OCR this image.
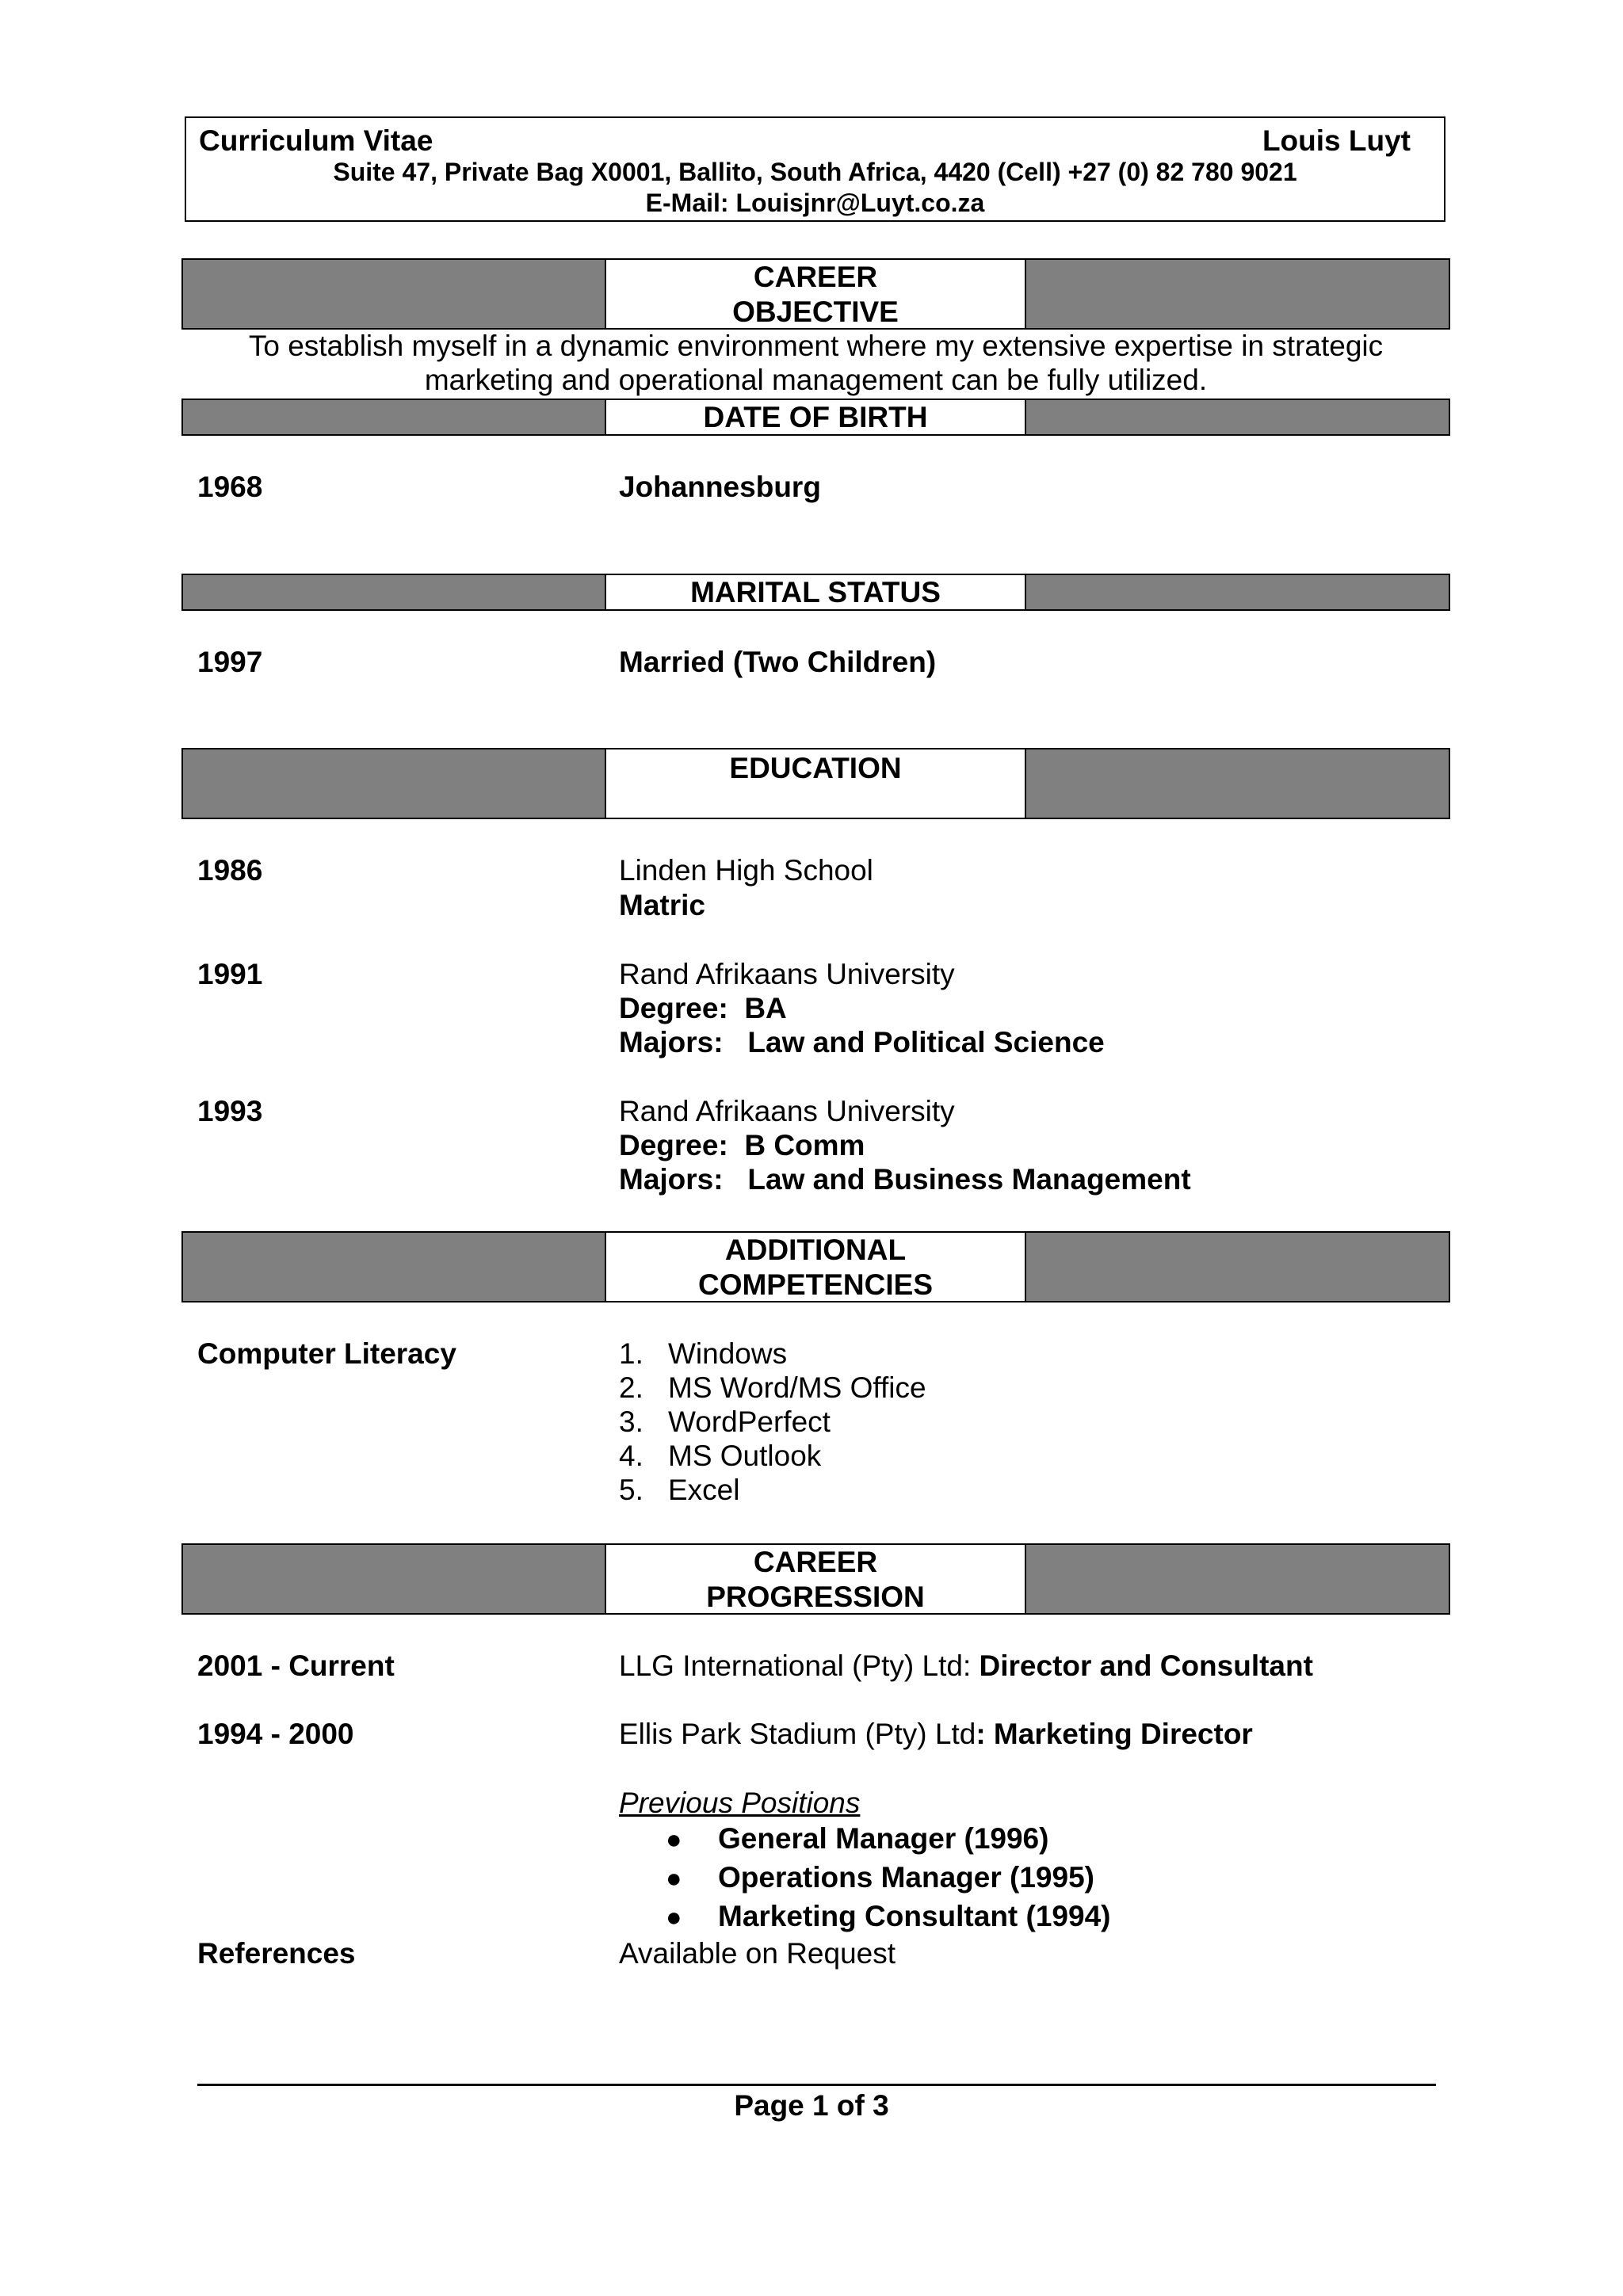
Curriculum Vitae	Louis Luyt
Suite 47, Private Bag X0001, Ballito, South Africa, 4420 (Cell) +27 (0) 82 780 9021
E-Mail: Louisjnr@Luyt.co.za
CAREER
OBJECTIVE
To establish myself in a dynamic environment where my extensive expertise in strategic marketing and operational management can be fully utilized.
DATE OF BIRTH
1968	Johannesburg
MARITAL STATUS
1997	Married (Two Children)
EDUCATION
1986	Linden High School
Matric
1991	Rand Afrikaans University
Degree:  BA
Majors:   Law and Political Science
1993	Rand Afrikaans University
Degree:  B Comm
Majors:   Law and Business Management
ADDITIONAL
COMPETENCIES
Computer Literacy	1. Windows
2. MS Word/MS Office
3. WordPerfect
4. MS Outlook
5. Excel
CAREER
PROGRESSION
2001 - Current	LLG International (Pty) Ltd: Director and Consultant
1994 - 2000	Ellis Park Stadium (Pty) Ltd: Marketing Director
Previous Positions
● General Manager (1996)
● Operations Manager (1995)
● Marketing Consultant (1994)
References	Available on Request
Page 1 of 3
